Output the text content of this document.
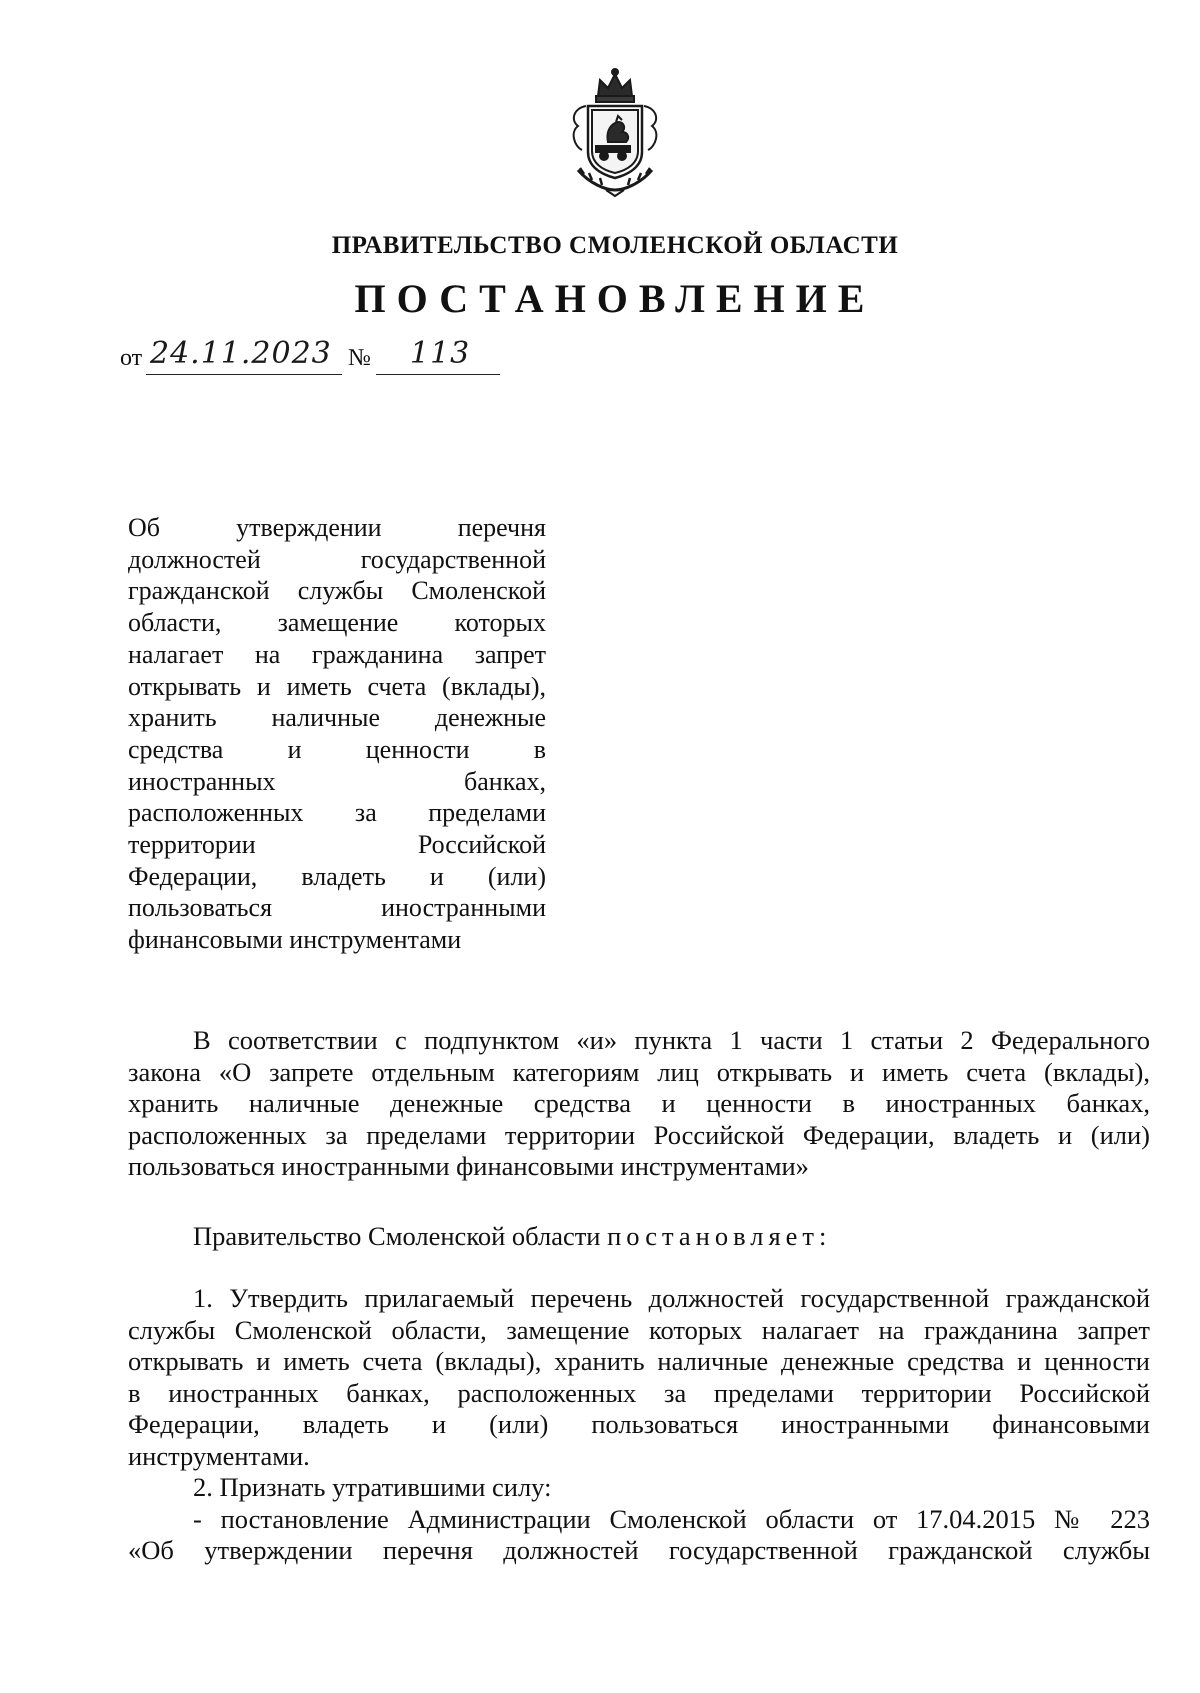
ПРАВИТЕЛЬСТВО СМОЛЕНСКОЙ ОБЛАСТИ
ПОСТАНОВЛЕНИЕ
от 24.11.2023 № 113
Об утверждении перечня
должностей государственной
гражданской службы Смоленской
области, замещение которых
налагает на гражданина запрет
открывать и иметь счета (вклады),
хранить наличные денежные
средства и ценности в
иностранных банках,
расположенных за пределами
территории Российской
Федерации, владеть и (или)
пользоваться иностранными
финансовыми инструментами
В соответствии с подпунктом «и» пункта 1 части 1 статьи 2 Федерального
закона «О запрете отдельным категориям лиц открывать и иметь счета (вклады),
хранить наличные денежные средства и ценности в иностранных банках,
расположенных за пределами территории Российской Федерации, владеть и (или)
пользоваться иностранными финансовыми инструментами»
Правительство Смоленской области постановляет:
1. Утвердить прилагаемый перечень должностей государственной гражданской
службы Смоленской области, замещение которых налагает на гражданина запрет
открывать и иметь счета (вклады), хранить наличные денежные средства и ценности
в иностранных банках, расположенных за пределами территории Российской
Федерации, владеть и (или) пользоваться иностранными финансовыми
инструментами.
2. Признать утратившими силу:
- постановление Администрации Смоленской области от 17.04.2015 № 223
«Об утверждении перечня должностей государственной гражданской службы
